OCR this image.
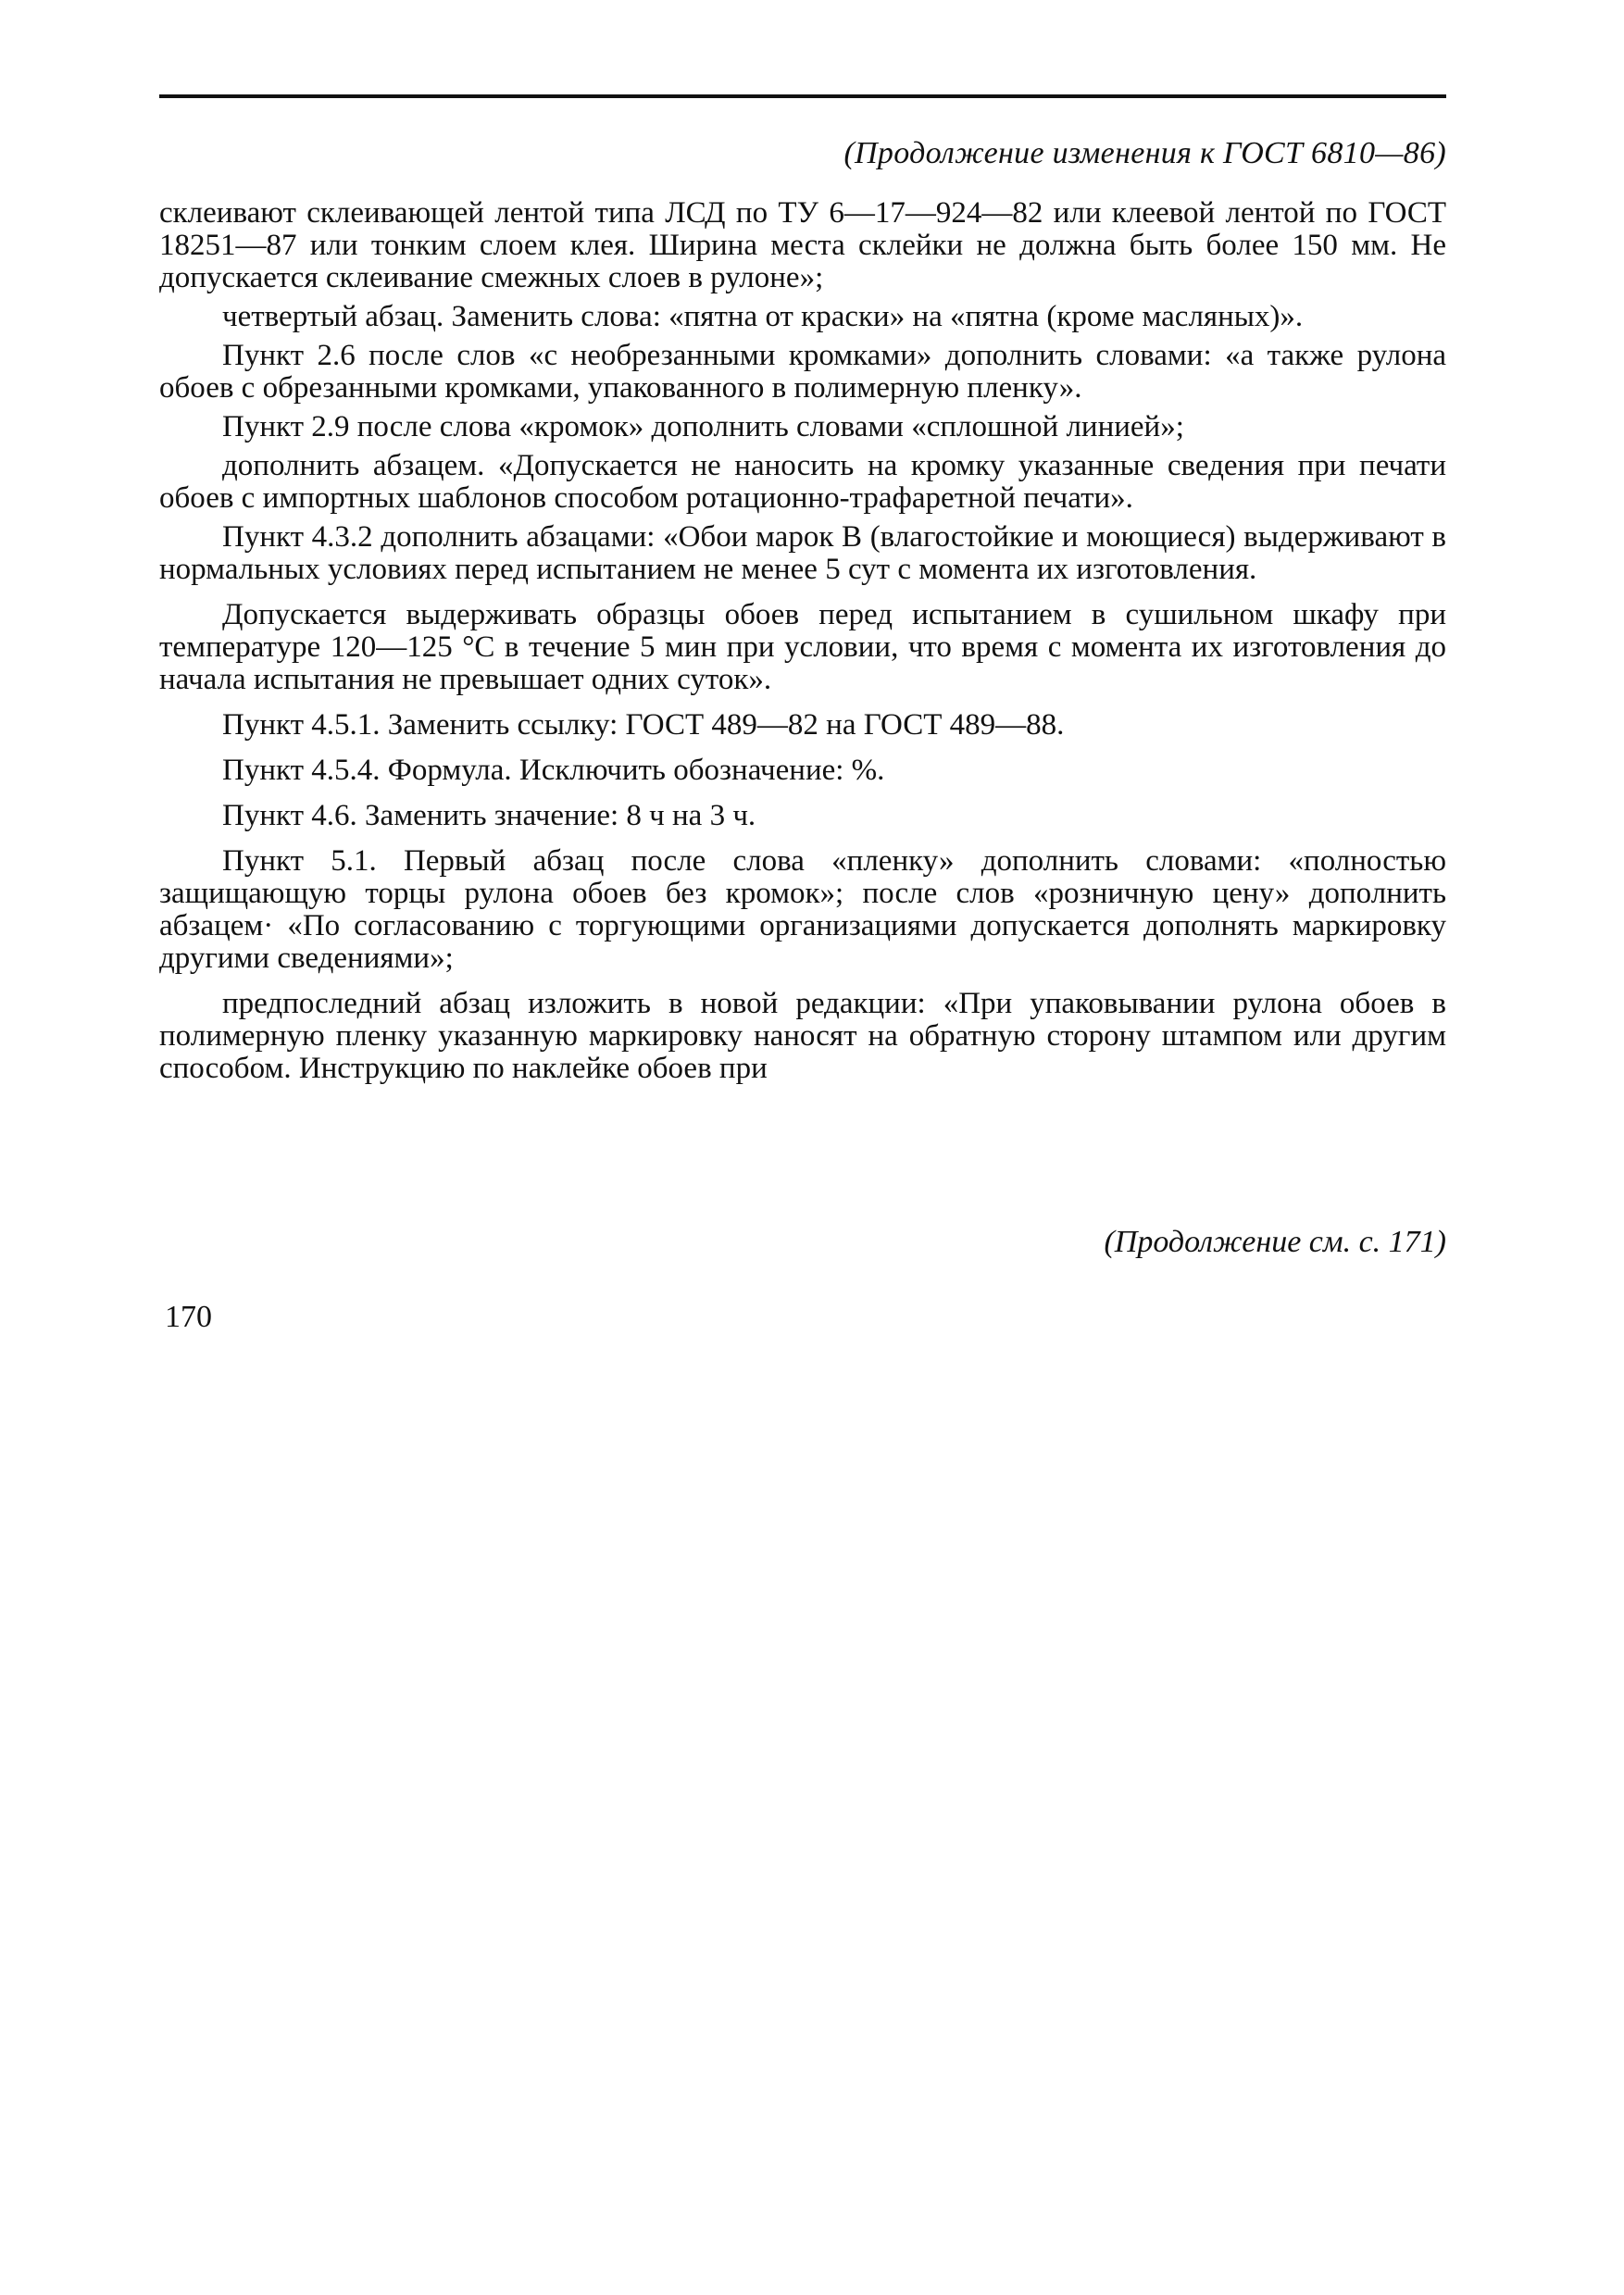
(Продолжение изменения к ГОСТ 6810—86)

склеивают склеивающей лентой типа ЛСД по ТУ 6—17—924—82 или клеевой лентой по ГОСТ 18251—87 или тонким слоем клея. Ширина места склейки не должна быть более 150 мм. Не допускается склеивание смежных слоев в рулоне»;

четвертый абзац. Заменить слова: «пятна от краски» на «пятна (кроме масляных)».

Пункт 2.6 после слов «с необрезанными кромками» дополнить словами: «а также рулона обоев с обрезанными кромками, упакованного в полимерную пленку».

Пункт 2.9 после слова «кромок» дополнить словами «сплошной линией»;

дополнить абзацем. «Допускается не наносить на кромку указанные сведения при печати обоев с импортных шаблонов способом ротационно-трафаретной печати».

Пункт 4.3.2 дополнить абзацами: «Обои марок В (влагостойкие и моющиеся) выдерживают в нормальных условиях перед испытанием не менее 5 сут с момента их изготовления.

Допускается выдерживать образцы обоев перед испытанием в сушильном шкафу при температуре 120—125 °С в течение 5 мин при условии, что время с момента их изготовления до начала испытания не превышает одних суток».

Пункт 4.5.1. Заменить ссылку: ГОСТ 489—82 на ГОСТ 489—88.

Пункт 4.5.4. Формула. Исключить обозначение: %.

Пункт 4.6. Заменить значение: 8 ч на 3 ч.

Пункт 5.1. Первый абзац после слова «пленку» дополнить словами: «полностью защищающую торцы рулона обоев без кромок»; после слов «розничную цену» дополнить абзацем· «По согласованию с торгующими организациями допускается дополнять маркировку другими сведениями»;

предпоследний абзац изложить в новой редакции: «При упаковывании рулона обоев в полимерную пленку указанную маркировку наносят на обратную сторону штампом или другим способом. Инструкцию по наклейке обоев при

(Продолжение см. с. 171)
170
